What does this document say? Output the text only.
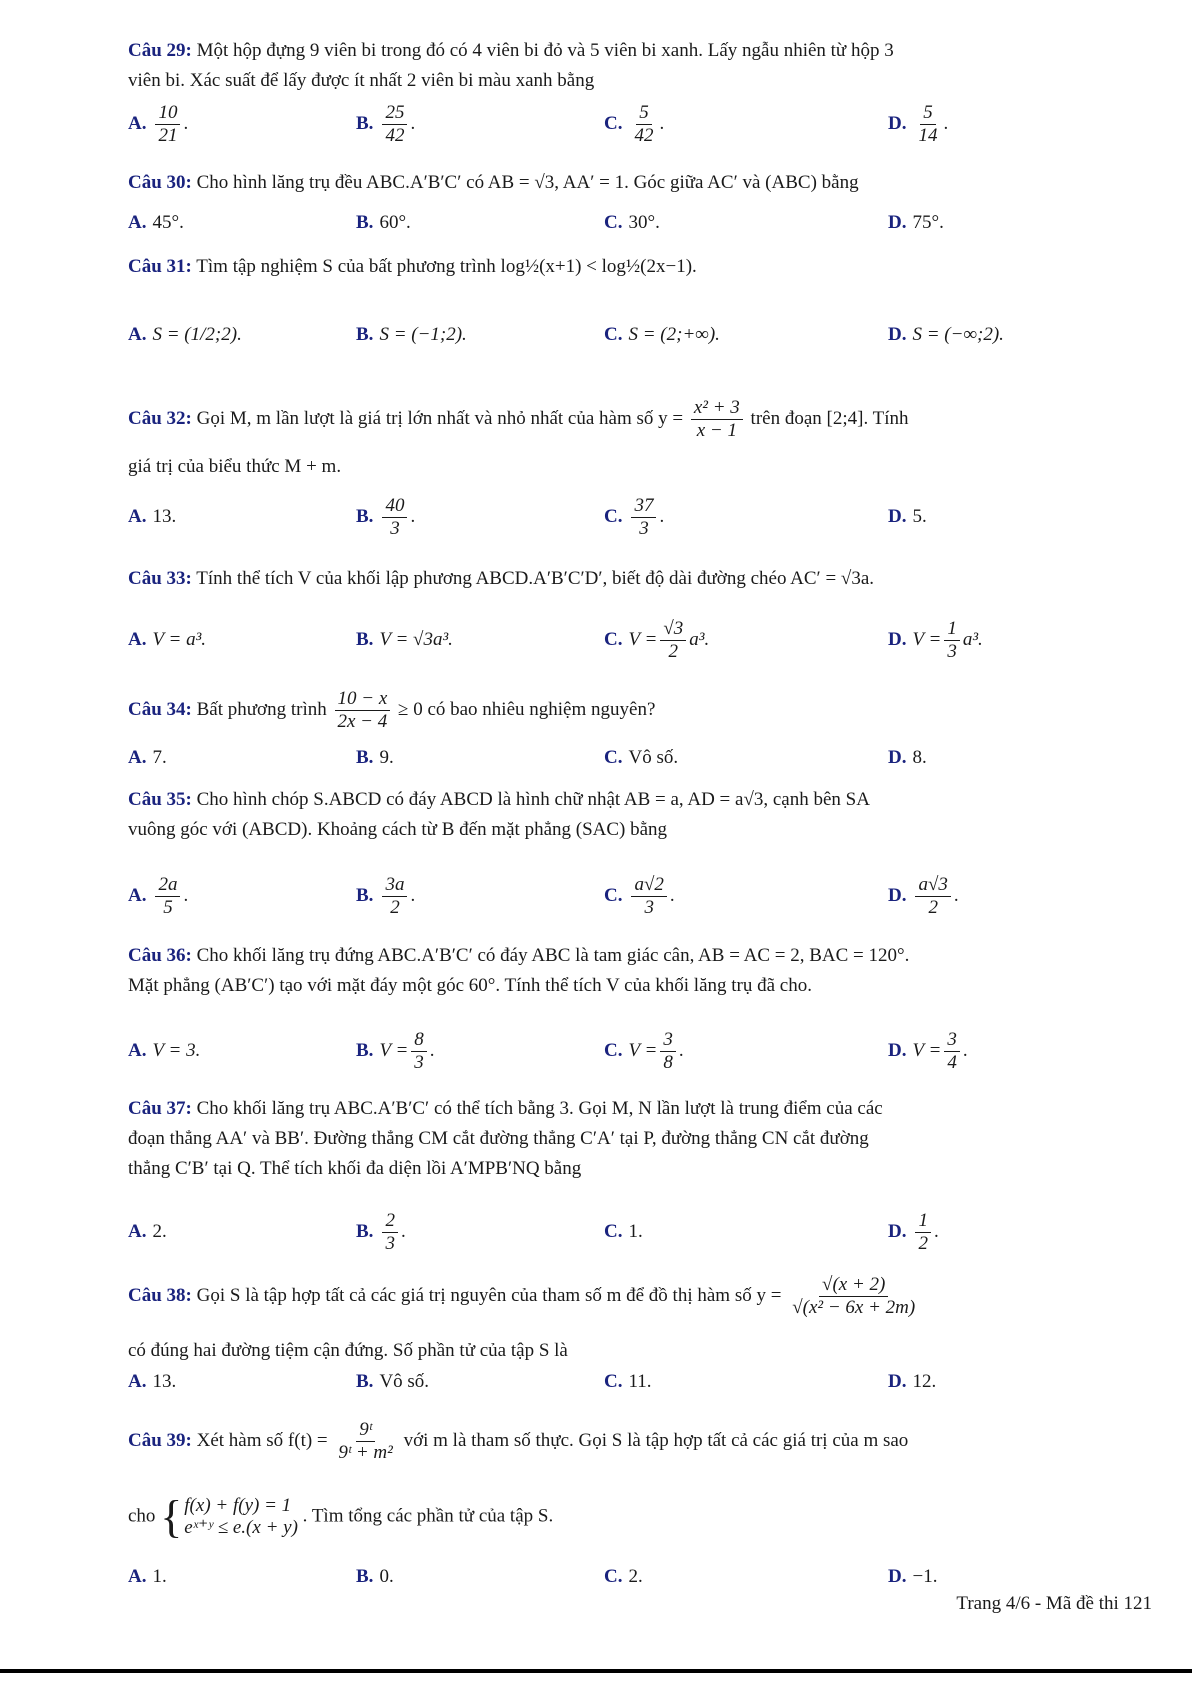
Câu 29: Một hộp đựng 9 viên bi trong đó có 4 viên bi đỏ và 5 viên bi xanh. Lấy ngẫu nhiên từ hộp 3
viên bi. Xác suất để lấy được ít nhất 2 viên bi màu xanh bằng
A. $\frac{10}{21}$ .	B. $\frac{25}{42}$ .	C. $\frac{5}{42}$ .	D. $\frac{5}{14}$ .
Câu 30: Cho hình lăng trụ đều ABC.A′B′C′ có AB = √3, AA′ = 1. Góc giữa AC′ và (ABC) bằng
A. 45°.	B. 60°.	C. 30°.	D. 75°.
Câu 31: Tìm tập nghiệm S của bất phương trình log½(x+1) < log½(2x−1).
A. S = (1/2;2).	B. S = (−1;2).	C. S = (2;+∞).	D. S = (−∞;2).
Câu 32: Gọi M, m lần lượt là giá trị lớn nhất và nhỏ nhất của hàm số $y = \frac{\text{x² + 3}}{x - 1}$ trên đoạn [2;4]. Tính
giá trị của biểu thức M + m.
A. 13.	B. $\frac{40}{3}$ .	C. $\frac{37}{3}$ .	D. 5.
Câu 33: Tính thể tích V của khối lập phương ABCD.A′B′C′D′, biết độ dài đường chéo AC′ = √3a.
A. V = a³.	B. V = √3a³.	C. $V = \frac{√3}{2} a^3$.	D. $V = \frac{1}{3} a^3$.
Câu 34: Bất phương trình $\frac{10 - x}{2x - 4} \ge 0$ có bao nhiêu nghiệm nguyên?
A. 7.	B. 9.	C. Vô số.	D. 8.
Câu 35: Cho hình chóp S.ABCD có đáy ABCD là hình chữ nhật AB = a, AD = a√3, cạnh bên SA
vuông góc với (ABCD). Khoảng cách từ B đến mặt phẳng (SAC) bằng
A. $\frac{2a}{5}$ .	B. $\frac{3a}{2}$ .	C. $\frac{a√2}{3}$ .	D. $\frac{a√3}{2}$ .
Câu 36: Cho khối lăng trụ đứng ABC.A′B′C′ có đáy ABC là tam giác cân, AB = AC = 2, BAC = 120°.
Mặt phẳng (AB′C′) tạo với mặt đáy một góc 60°. Tính thể tích V của khối lăng trụ đã cho.
A. V = 3.	B. $V = \frac{8}{3}$ .	C. $V = \frac{3}{8}$ .	D. $V = \frac{3}{4}$ .
Câu 37: Cho khối lăng trụ ABC.A′B′C′ có thể tích bằng 3. Gọi M, N lần lượt là trung điểm của các
đoạn thẳng AA′ và BB′. Đường thẳng CM cắt đường thẳng C′A′ tại P, đường thẳng CN cắt đường
thẳng C′B′ tại Q. Thể tích khối đa diện lồi A′MPB′NQ bằng
A. 2.	B. $\frac{2}{3}$ .	C. 1.	D. $\frac{1}{2}$ .
Câu 38: Gọi S là tập hợp tất cả các giá trị nguyên của tham số m để đồ thị hàm số $y = \frac{√(x + 2)}{\text{√(x² − 6x + 2m)}}$
có đúng hai đường tiệm cận đứng. Số phần tử của tập S là
A. 13.	B. Vô số.	C. 11.	D. 12.
Câu 39: Xét hàm số $f(t) = \frac{\text{9ᵗ}}{\text{9ᵗ + m²}}$ với m là tham số thực. Gọi S là tập hợp tất cả các giá trị của m sao
cho { f(x) + f(y) = 1
eˣ⁺ʸ ≤ e.(x + y)
. Tìm tổng các phần tử của tập S.
A. 1.	B. 0.	C. 2.	D. −1.
Trang 4/6 - Mã đề thi 121
